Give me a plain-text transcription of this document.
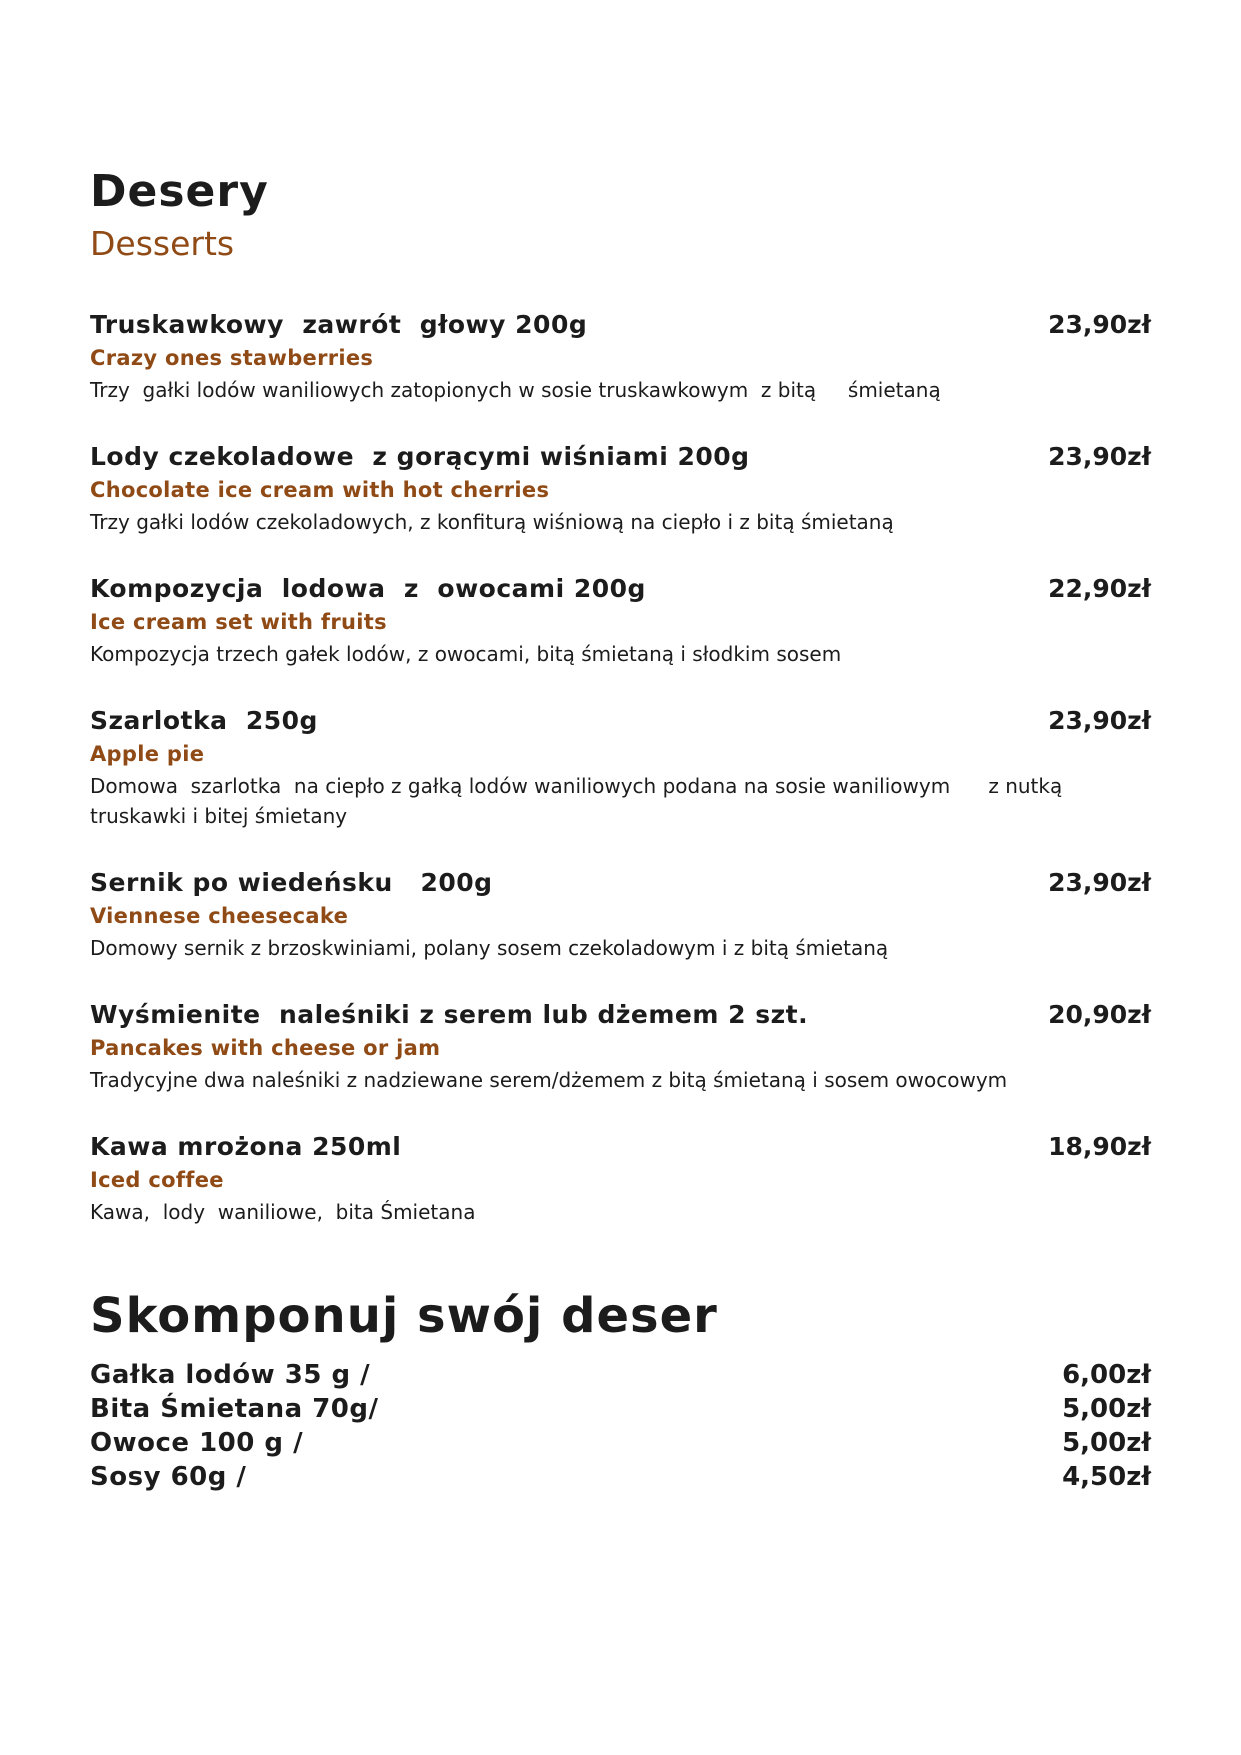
Desery
Desserts
Truskawkowy  zawrót  głowy 200g	23,90zł
Crazy ones stawberries
Trzy  gałki lodów waniliowych zatopionych w sosie truskawkowym  z bitą     śmietaną
Lody czekoladowe  z gorącymi wiśniami 200g	23,90zł
Chocolate ice cream with hot cherries
Trzy gałki lodów czekoladowych, z konfiturą wiśniową na ciepło i z bitą śmietaną
Kompozycja  lodowa  z  owocami 200g	22,90zł
Ice cream set with fruits
Kompozycja trzech gałek lodów, z owocami, bitą śmietaną i słodkim sosem
Szarlotka  250g	23,90zł
Apple pie
Domowa  szarlotka  na ciepło z gałką lodów waniliowych podana na sosie waniliowym      z nutką truskawki i bitej śmietany
Sernik po wiedeńsku   200g	23,90zł
Viennese cheesecake
Domowy sernik z brzoskwiniami, polany sosem czekoladowym i z bitą śmietaną
Wyśmienite  naleśniki z serem lub dżemem 2 szt.	20,90zł
Pancakes with cheese or jam
Tradycyjne dwa naleśniki z nadziewane serem/dżemem z bitą śmietaną i sosem owocowym
Kawa mrożona 250ml	18,90zł
Iced coffee
Kawa,  lody  waniliowe,  bita Śmietana
Skomponuj swój deser
Gałka lodów 35 g /	6,00zł
Bita Śmietana 70g/	5,00zł
Owoce 100 g /	5,00zł
Sosy 60g /	4,50zł
